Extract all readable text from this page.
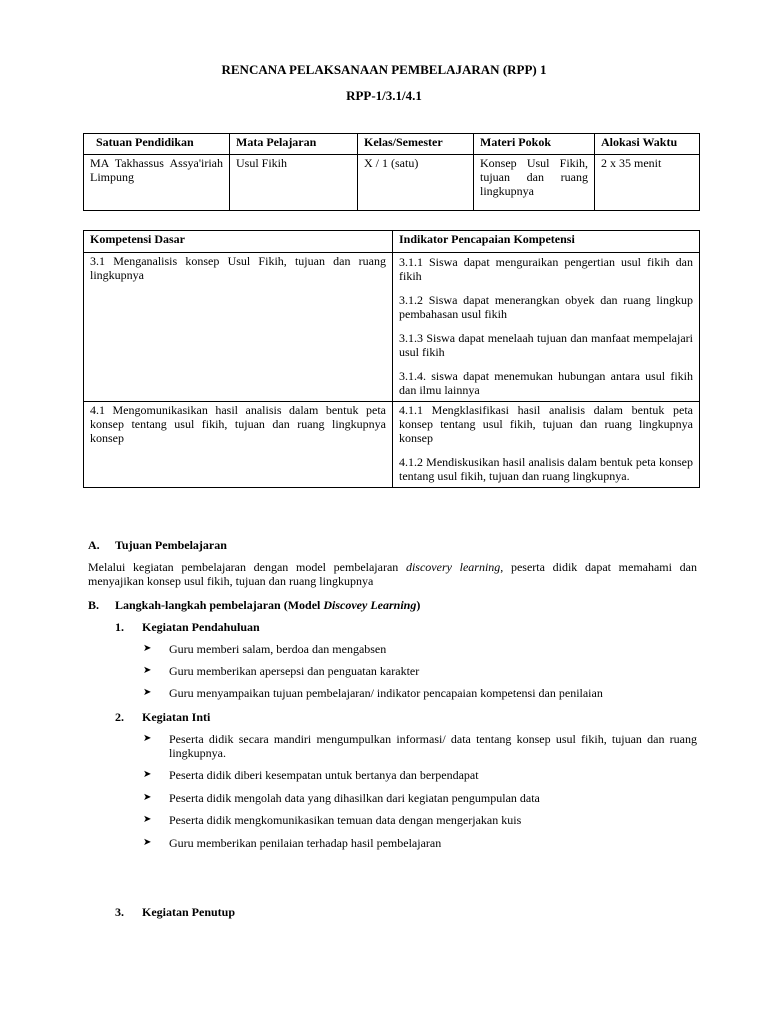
RENCANA PELAKSANAAN PEMBELAJARAN (RPP) 1
RPP-1/3.1/4.1
Satuan Pendidikan	Mata Pelajaran	Kelas/Semester	Materi Pokok	Alokasi Waktu
MA Takhassus Assya'iriah Limpung	Usul Fikih	X / 1 (satu)	Konsep Usul Fikih, tujuan dan ruang lingkupnya	2 x 35 menit
Kompetensi Dasar	Indikator Pencapaian Kompetensi
3.1 Menganalisis konsep Usul Fikih, tujuan dan ruang lingkupnya	3.1.1 Siswa dapat menguraikan pengertian usul fikih dan fikih

3.1.2 Siswa dapat menerangkan obyek dan ruang lingkup pembahasan usul fikih

3.1.3 Siswa dapat menelaah tujuan dan manfaat mempelajari usul fikih

3.1.4. siswa dapat menemukan hubungan antara usul fikih dan ilmu lainnya

4.1 Mengomunikasikan hasil analisis dalam bentuk peta konsep tentang usul fikih, tujuan dan ruang lingkupnya konsep	4.1.1 Mengklasifikasi hasil analisis dalam bentuk peta konsep tentang usul fikih, tujuan dan ruang lingkupnya konsep

4.1.2 Mendiskusikan hasil analisis dalam bentuk peta konsep tentang usul fikih, tujuan dan ruang lingkupnya.

A. Tujuan Pembelajaran
Melalui kegiatan pembelajaran dengan model pembelajaran discovery learning, peserta didik dapat memahami dan menyajikan konsep usul fikih, tujuan dan ruang lingkupnya
B. Langkah-langkah pembelajaran (Model Discovey Learning)
1. Kegiatan Pendahuluan
➤ Guru memberi salam, berdoa dan mengabsen
➤ Guru memberikan apersepsi dan penguatan karakter
➤ Guru menyampaikan tujuan pembelajaran/ indikator pencapaian kompetensi dan penilaian
2. Kegiatan Inti
➤ Peserta didik secara mandiri mengumpulkan informasi/ data tentang konsep usul fikih, tujuan dan ruang lingkupnya.
➤ Peserta didik diberi kesempatan untuk bertanya dan berpendapat
➤ Peserta didik mengolah data yang dihasilkan dari kegiatan pengumpulan data
➤ Peserta didik mengkomunikasikan temuan data dengan mengerjakan kuis
➤ Guru memberikan penilaian terhadap hasil pembelajaran
3. Kegiatan Penutup
